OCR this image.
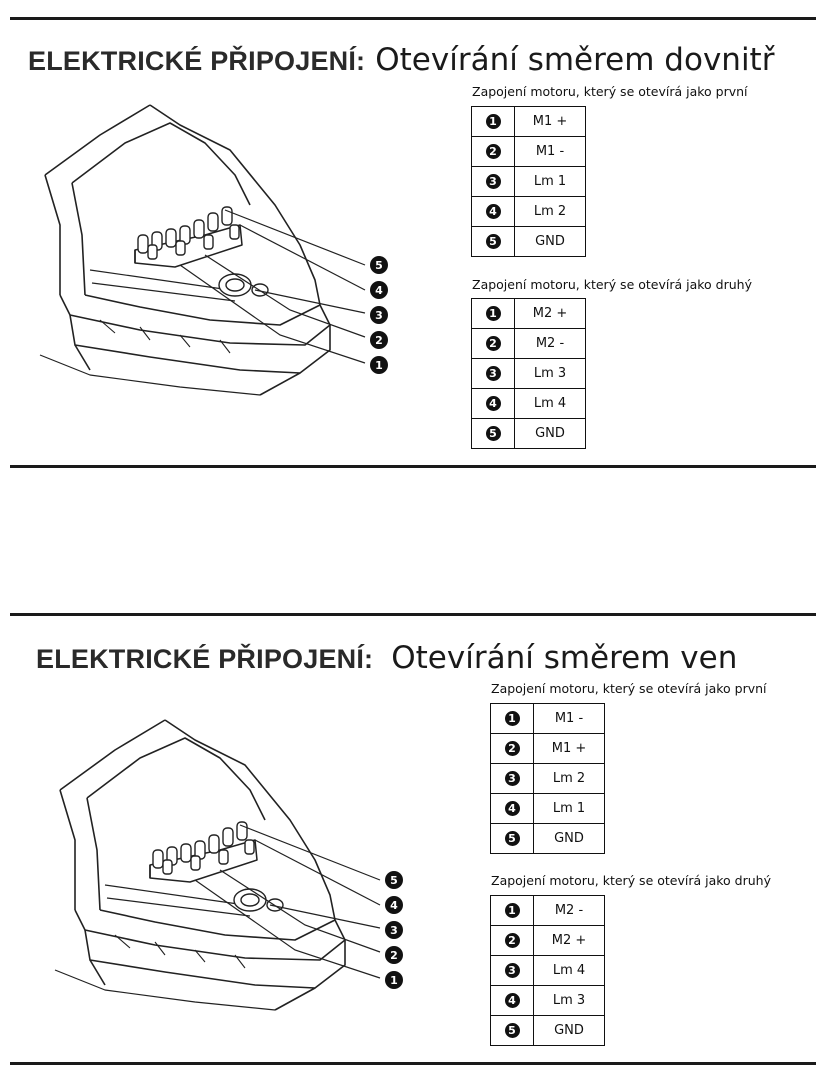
ELEKTRICKÉ PŘIPOJENÍ: Otevírání směrem dovnitř
Zapojení motoru, který se otevírá jako první
1	M1 +
2	M1 -
3	Lm 1
4	Lm 2
5	GND
Zapojení motoru, který se otevírá jako druhý
1	M2 +
2	M2 -
3	Lm 3
4	Lm 4
5	GND
5
4
3
2
1
ELEKTRICKÉ PŘIPOJENÍ: Otevírání směrem ven
Zapojení motoru, který se otevírá jako první
1	M1 -
2	M1 +
3	Lm 2
4	Lm 1
5	GND
Zapojení motoru, který se otevírá jako druhý
1	M2 -
2	M2 +
3	Lm 4
4	Lm 3
5	GND
5
4
3
2
1
